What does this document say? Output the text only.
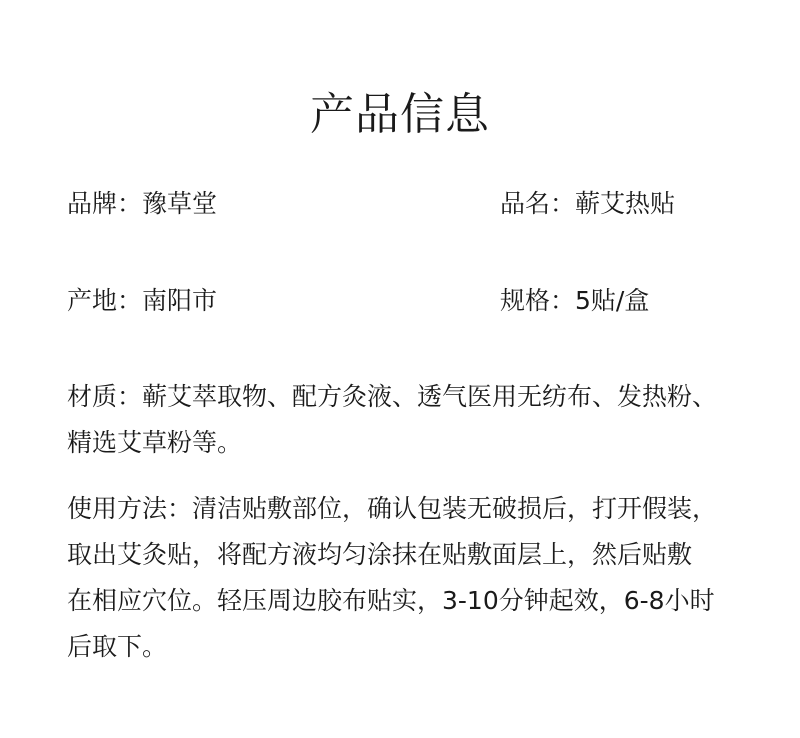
产品信息
品牌：豫草堂	品名：蕲艾热贴
产地：南阳市	规格：5贴/盒
材质：蕲艾萃取物、配方灸液、透气医用无纺布、发热粉、
精选艾草粉等。
使用方法：清洁贴敷部位，确认包装无破损后，打开假装，
取出艾灸贴，将配方液均匀涂抹在贴敷面层上，然后贴敷
在相应穴位。轻压周边胶布贴实，3-10分钟起效，6-8小时
后取下。
